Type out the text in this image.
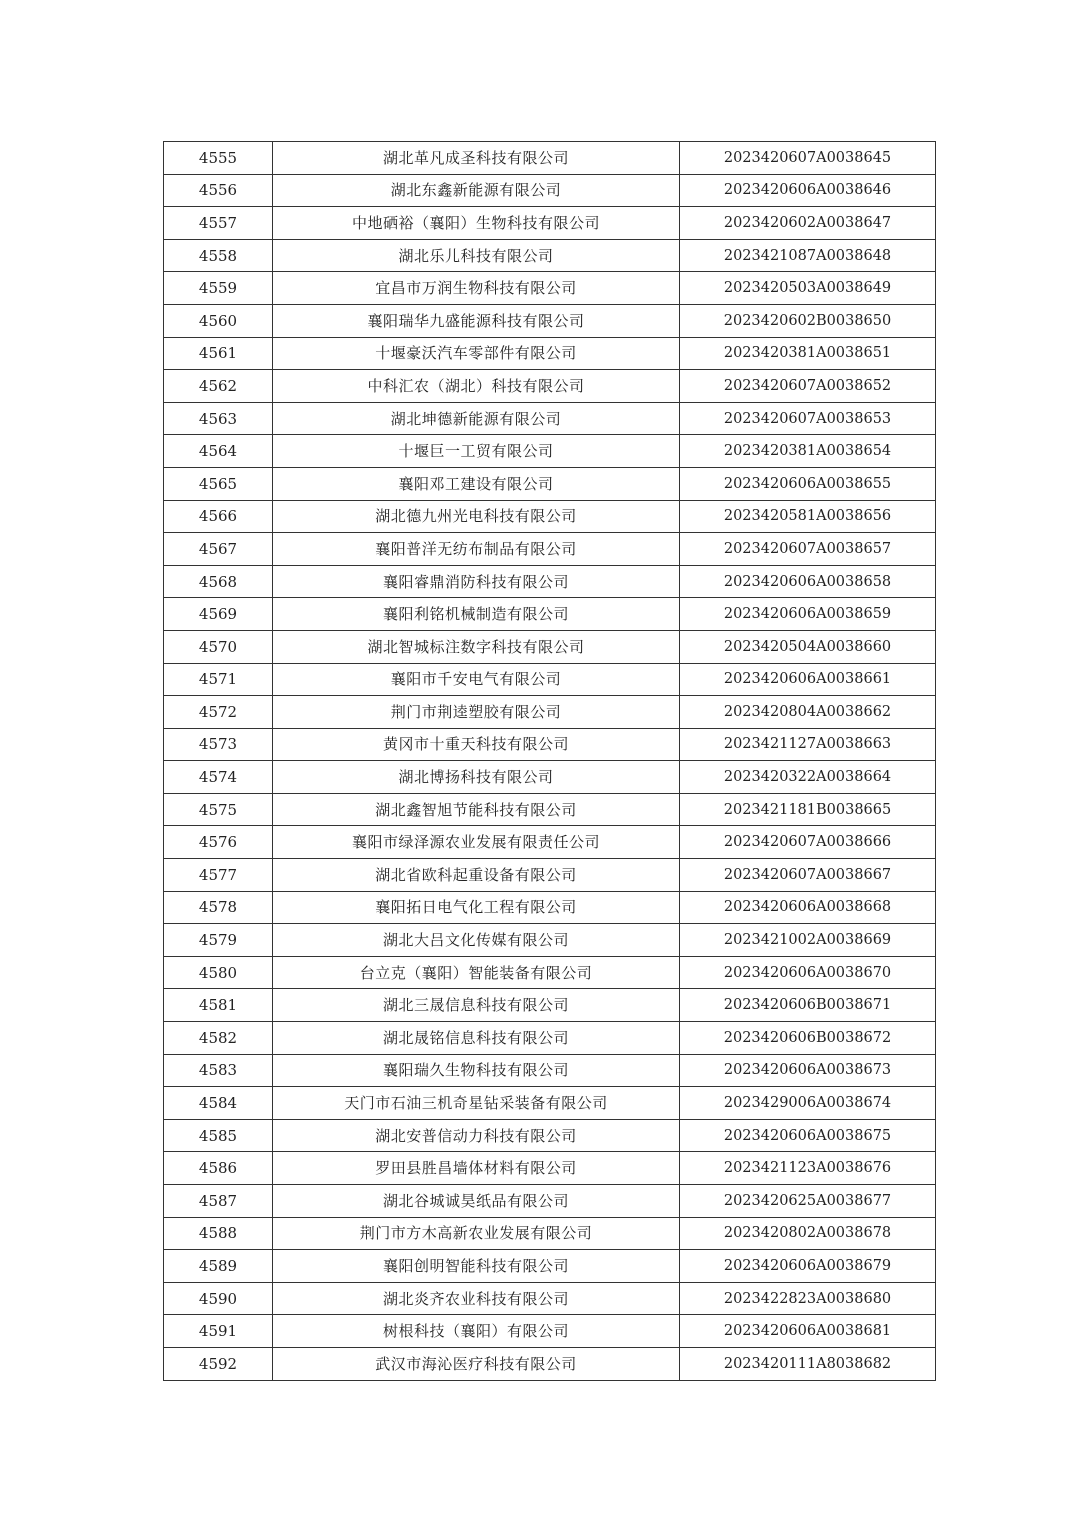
4555	湖北革凡成圣科技有限公司	2023420607A0038645
4556	湖北东鑫新能源有限公司	2023420606A0038646
4557	中地硒裕（襄阳）生物科技有限公司	2023420602A0038647
4558	湖北乐儿科技有限公司	2023421087A0038648
4559	宜昌市万润生物科技有限公司	2023420503A0038649
4560	襄阳瑞华九盛能源科技有限公司	2023420602B0038650
4561	十堰豪沃汽车零部件有限公司	2023420381A0038651
4562	中科汇农（湖北）科技有限公司	2023420607A0038652
4563	湖北坤德新能源有限公司	2023420607A0038653
4564	十堰巨一工贸有限公司	2023420381A0038654
4565	襄阳邓工建设有限公司	2023420606A0038655
4566	湖北德九州光电科技有限公司	2023420581A0038656
4567	襄阳普洋无纺布制品有限公司	2023420607A0038657
4568	襄阳睿鼎消防科技有限公司	2023420606A0038658
4569	襄阳利铭机械制造有限公司	2023420606A0038659
4570	湖北智城标注数字科技有限公司	2023420504A0038660
4571	襄阳市千安电气有限公司	2023420606A0038661
4572	荆门市荆逵塑胶有限公司	2023420804A0038662
4573	黄冈市十重天科技有限公司	2023421127A0038663
4574	湖北博扬科技有限公司	2023420322A0038664
4575	湖北鑫智旭节能科技有限公司	2023421181B0038665
4576	襄阳市绿泽源农业发展有限责任公司	2023420607A0038666
4577	湖北省欧科起重设备有限公司	2023420607A0038667
4578	襄阳拓日电气化工程有限公司	2023420606A0038668
4579	湖北大吕文化传媒有限公司	2023421002A0038669
4580	台立克（襄阳）智能装备有限公司	2023420606A0038670
4581	湖北三晟信息科技有限公司	2023420606B0038671
4582	湖北晟铭信息科技有限公司	2023420606B0038672
4583	襄阳瑞久生物科技有限公司	2023420606A0038673
4584	天门市石油三机奇星钻采装备有限公司	2023429006A0038674
4585	湖北安普信动力科技有限公司	2023420606A0038675
4586	罗田县胜昌墙体材料有限公司	2023421123A0038676
4587	湖北谷城诚昊纸品有限公司	2023420625A0038677
4588	荆门市方木高新农业发展有限公司	2023420802A0038678
4589	襄阳创明智能科技有限公司	2023420606A0038679
4590	湖北炎齐农业科技有限公司	2023422823A0038680
4591	树根科技（襄阳）有限公司	2023420606A0038681
4592	武汉市海沁医疗科技有限公司	2023420111A8038682
